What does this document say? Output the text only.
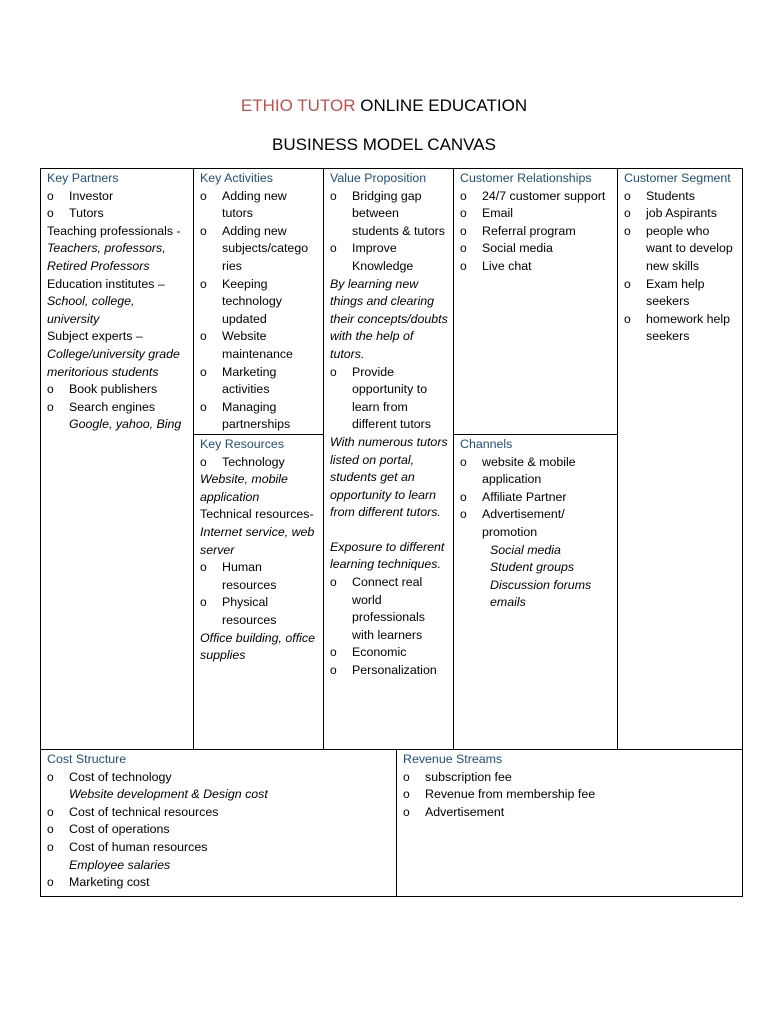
ETHIO TUTOR ONLINE EDUCATION
BUSINESS MODEL CANVAS
Key Partners
o Investor
o Tutors
Teaching professionals -
Teachers, professors, Retired Professors
Education institutes –
School, college, university
Subject experts –
College/university grade meritorious students
o Book publishers
o Search engines
Google, yahoo, Bing

Key Activities
o Adding new tutors
o Adding new subjects/catego ries
o Keeping technology updated
o Website maintenance
o Marketing activities
o Managing partnerships
Key Resources
o Technology
Website, mobile application
Technical resources-
Internet service, web server
o Human resources
o Physical resources
Office building, office supplies

Value Proposition
o Bridging gap between students & tutors
o Improve Knowledge
By learning new things and clearing their concepts/doubts with the help of tutors.
o Provide opportunity to learn from different tutors
With numerous tutors listed on portal, students get an opportunity to learn from different tutors.
Exposure to different learning techniques.
o Connect real world professionals with learners
o Economic
o Personalization

Customer Relationships
o 24/7 customer support
o Email
o Referral program
o Social media
o Live chat
Channels
o website & mobile application
o Affiliate Partner
o Advertisement/ promotion
Social media
Student groups
Discussion forums
emails

Customer Segment
o Students
o job Aspirants
o people who want to develop new skills
o Exam help seekers
o homework help seekers
Cost Structure
o Cost of technology
Website development & Design cost
o Cost of technical resources
o Cost of operations
o Cost of human resources
Employee salaries
o Marketing cost

Revenue Streams
o subscription fee
o Revenue from membership fee
o Advertisement
